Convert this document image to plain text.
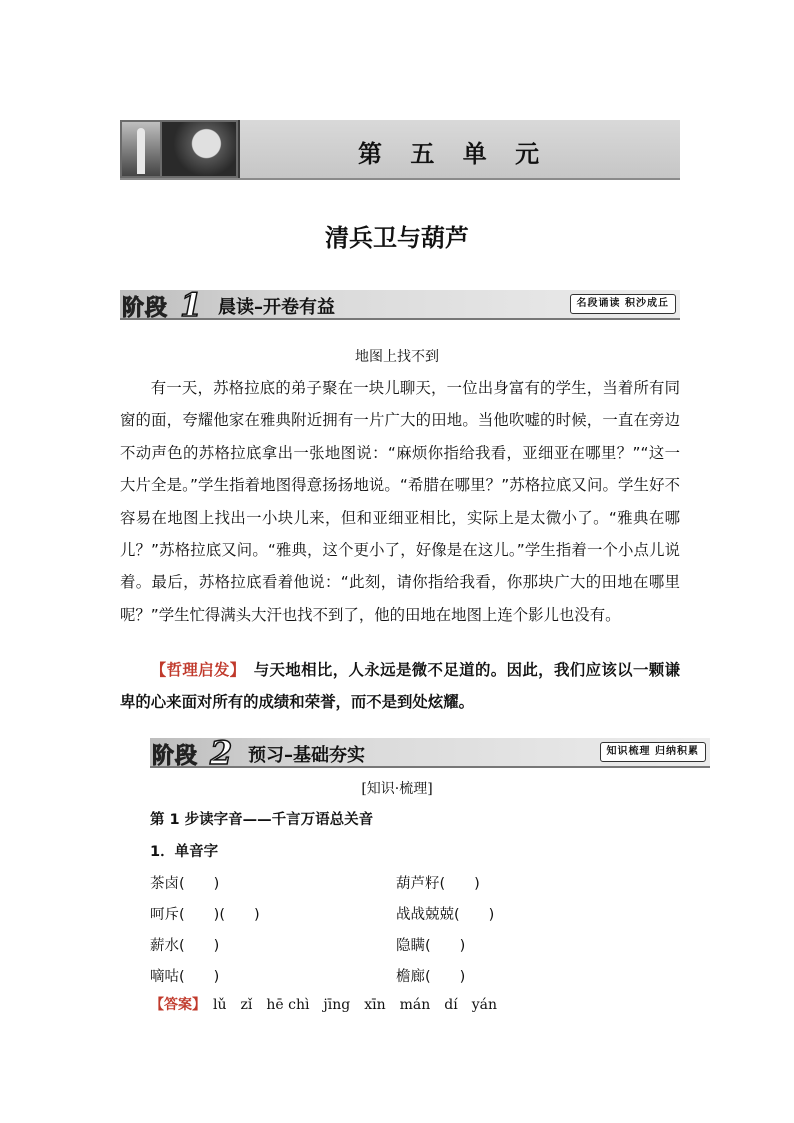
第 五 单 元
清兵卫与葫芦
阶段 1 晨读–开卷有益	名段诵读 积沙成丘
地图上找不到

有一天，苏格拉底的弟子聚在一块儿聊天，一位出身富有的学生，当着所有同窗的面，夸耀他家在雅典附近拥有一片广大的田地。当他吹嘘的时候，一直在旁边不动声色的苏格拉底拿出一张地图说：“麻烦你指给我看，亚细亚在哪里？”“这一大片全是。”学生指着地图得意扬扬地说。“希腊在哪里？”苏格拉底又问。学生好不容易在地图上找出一小块儿来，但和亚细亚相比，实际上是太微小了。“雅典在哪儿？”苏格拉底又问。“雅典，这个更小了，好像是在这儿。”学生指着一个小点儿说着。最后，苏格拉底看着他说：“此刻，请你指给我看，你那块广大的田地在哪里呢？”学生忙得满头大汗也找不到了，他的田地在地图上连个影儿也没有。

【哲理启发】　与天地相比，人永远是微不足道的。因此，我们应该以一颗谦卑的心来面对所有的成绩和荣誉，而不是到处炫耀。

阶段 2 预习–基础夯实	知识梳理 归纳积累
[知识·梳理]
第 1 步读字音——千言万语总关音
1．单音字
茶卤(　　)	葫芦籽(　　)
呵斥(　　)(　　)	战战兢兢(　　)
薪水(　　)	隐瞒(　　)
嘀咕(　　)	檐廊(　　)
【答案】　lǔ　zǐ　hē chì　jīng　xīn　mán　dí　yán
